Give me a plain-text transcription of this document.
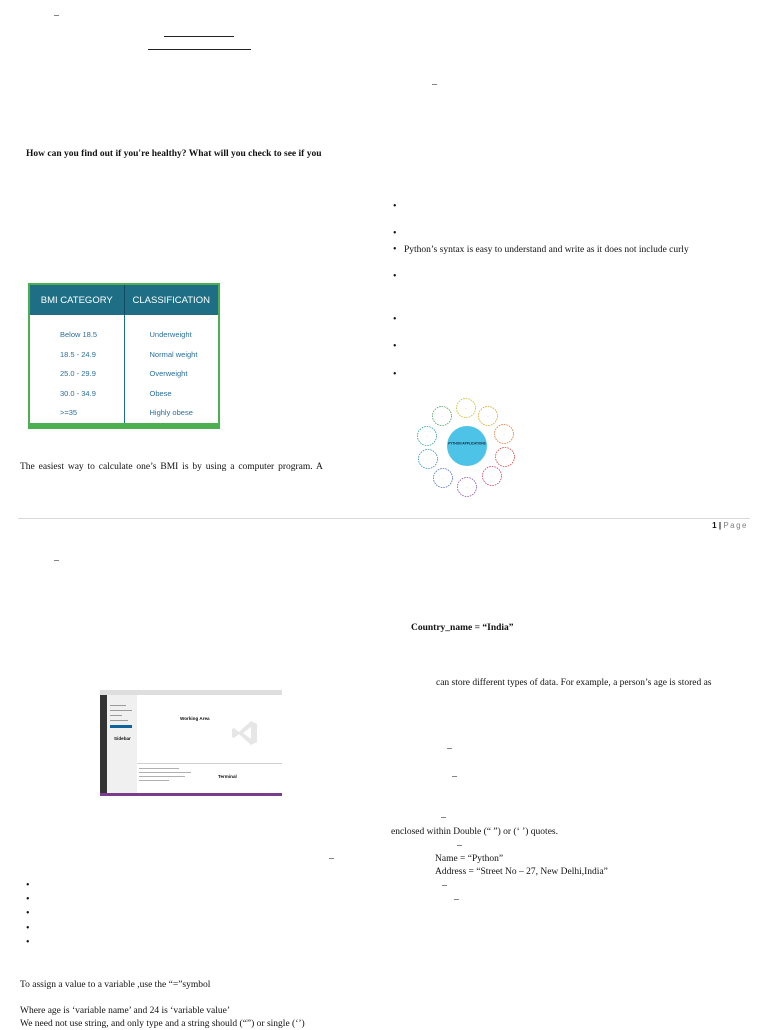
–
–
How can you find out if you're healthy? What will you check to see if you
BMI CATEGORY	CLASSIFICATION
Below 18.5
18.5 - 24.9
25.0 - 29.9
30.0 - 34.9
>=35
Underweight
Normal weight
Overweight
Obese
Highly obese
The easiest way to calculate one’s BMI is by using a computer program. A
•
•
• Python’s syntax is easy to understand and write as it does not include curly
•
•
•
•
···
···
···
···
···
···
···
···
···
···
PYTHON APPLICATIONS
1 | Page
–
Country_name = “India”
can store different types of data. For example, a person’s age is stored as
Working Area
Sidebar
Terminal
–
–
–
enclosed within Double (“ ”) or (‘ ’) quotes.
–
–	Name = “Python”
Address = “Street No – 27, New Delhi,India”
–
–
•
•
•
•
•
To assign a value to a variable ,use the “=”symbol
Where age is ‘variable name’ and 24 is ‘variable value’
We need not use string, and only type and a string should (“”) or single (‘’)
